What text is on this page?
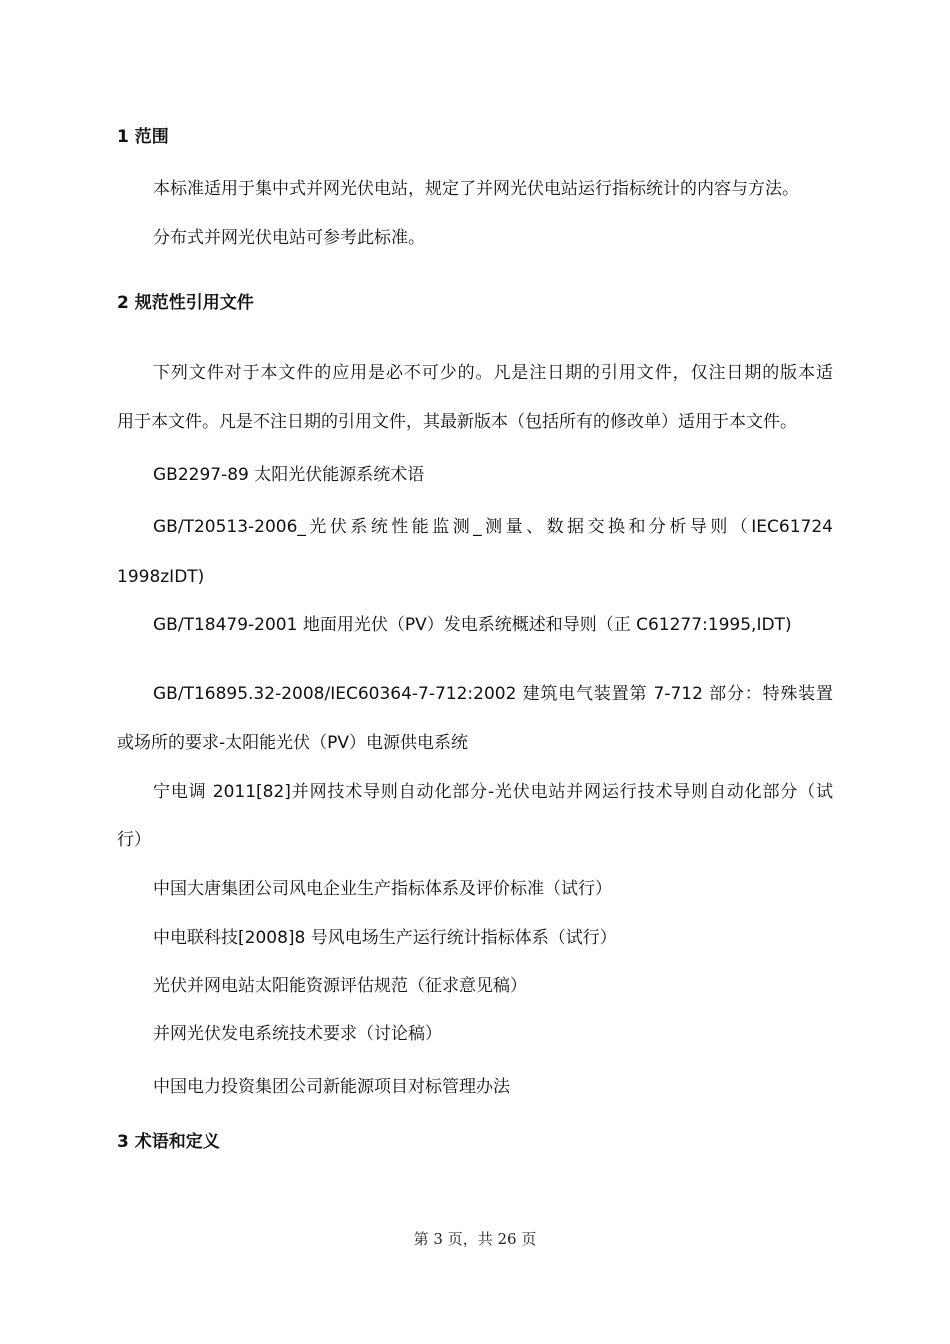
1 范围

本标准适用于集中式并网光伏电站，规定了并网光伏电站运行指标统计的内容与方法。

分布式并网光伏电站可参考此标准。

2 规范性引用文件

下列文件对于本文件的应用是必不可少的。凡是注日期的引用文件，仅注日期的版本适

用于本文件。凡是不注日期的引用文件，其最新版本（包括所有的修改单）适用于本文件。

GB2297-89 太阳光伏能源系统术语

GB/T20513-2006_光伏系统性能监测_测量、数据交换和分析导则（IEC61724

1998zIDT)

GB/T18479-2001 地面用光伏（PV）发电系统概述和导则（正 C61277:1995,IDT)

GB/T16895.32-2008/IEC60364-7-712:2002 建筑电气装置第 7-712 部分：特殊装置

或场所的要求-太阳能光伏（PV）电源供电系统

宁电调 2011[82]并网技术导则自动化部分-光伏电站并网运行技术导则自动化部分（试

行）

中国大唐集团公司风电企业生产指标体系及评价标准（试行）

中电联科技[2008]8 号风电场生产运行统计指标体系（试行）

光伏并网电站太阳能资源评估规范（征求意见稿）

并网光伏发电系统技术要求（讨论稿）

中国电力投资集团公司新能源项目对标管理办法

3 术语和定义

第 3 页，共 26 页
